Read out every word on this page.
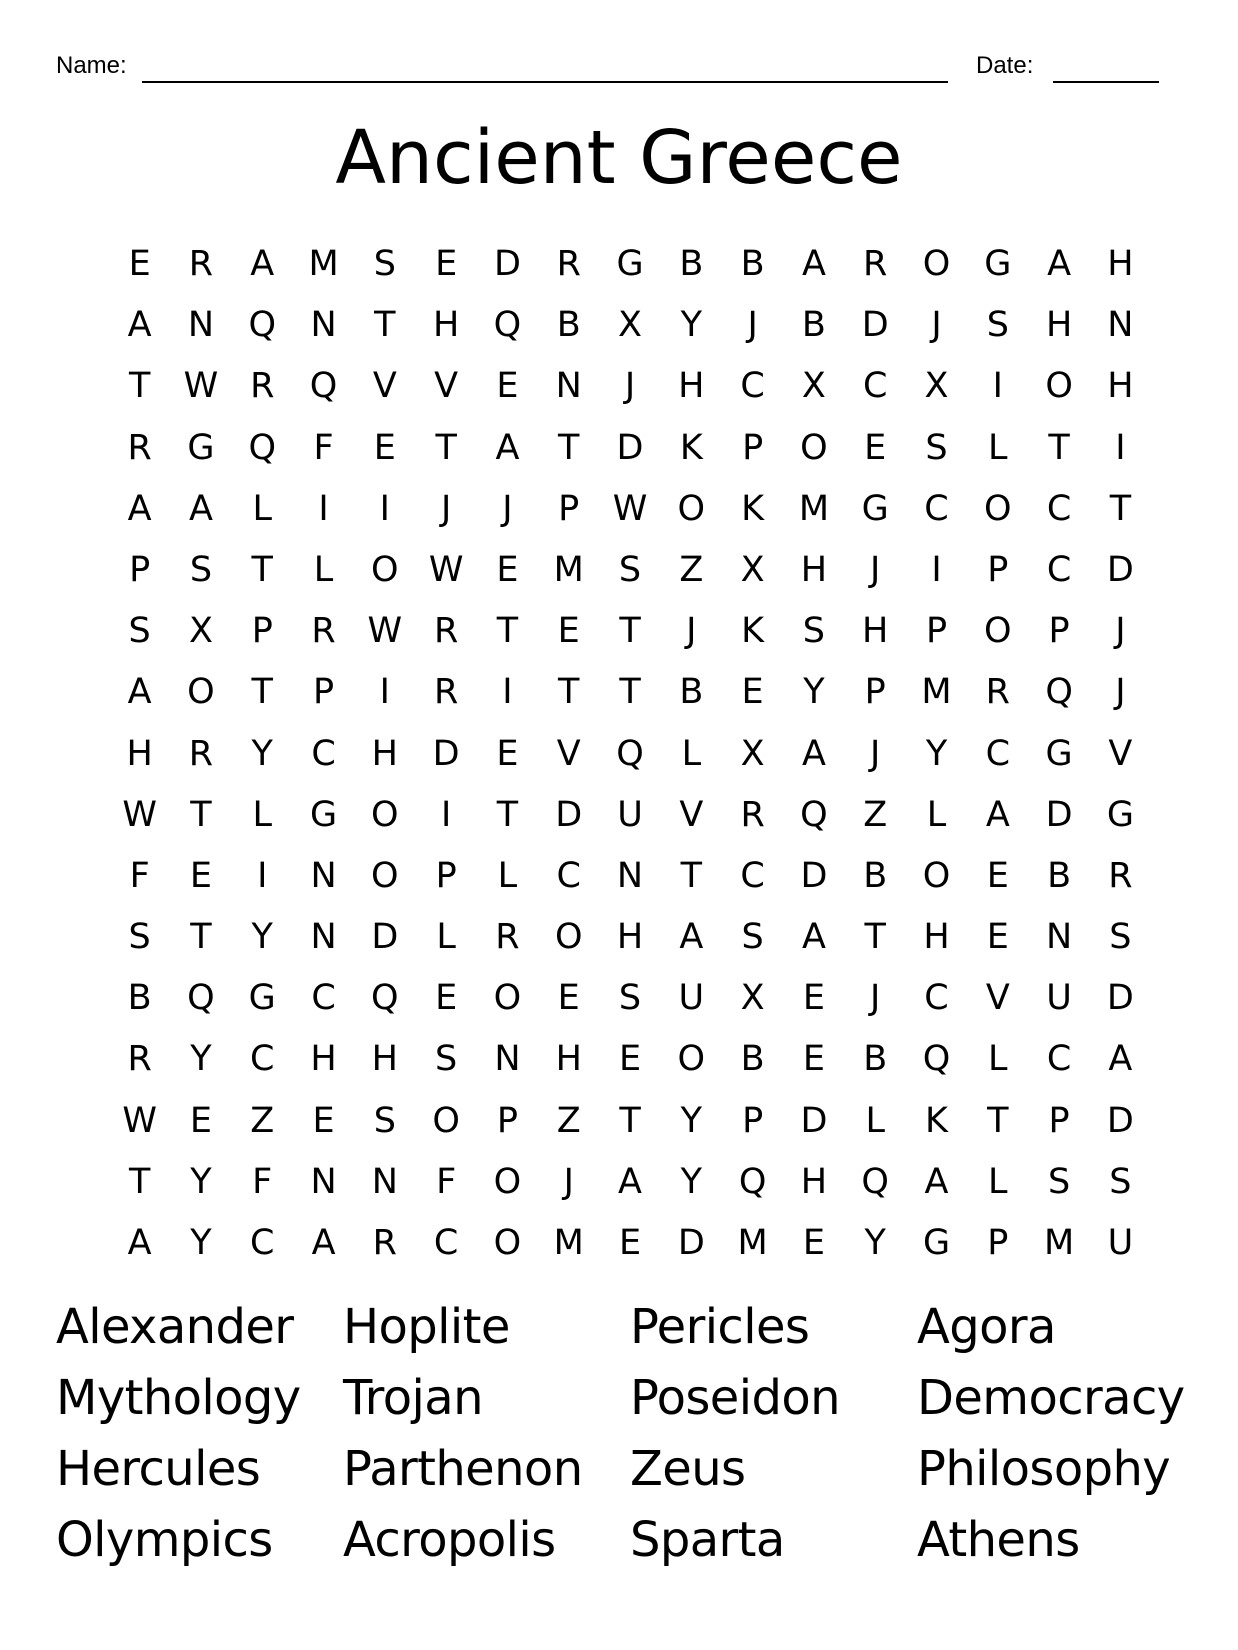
Name:	Date:
Ancient Greece
E	R	A M	S	E	D	R	G	B	B	A	R	O G	A	H
A	N Q N	T	H Q	B	X	Y	J	B	D	J	S	H	N
T W R	Q	V	V	E	N	J	H	C	X	C	X	I	O H
R	G Q	F	E	T	A	T	D	K	P	O	E	S	L	T	I
A	A	L	I	I	J	J	P W O	K M G	C	O	C	T
P	S	T	L	O W E	M	S	Z	X	H	J	I	P	C	D
S	X	P	R W R	T	E	T	J	K	S	H	P	O	P	J
A	O	T	P	I	R	I	T	T	B	E	Y	P	M R	Q	J
H	R	Y	C	H D	E	V	Q	L	X	A	J	Y	C	G	V
W T	L	G O	I	T	D	U	V	R	Q	Z	L	A	D G
F	E	I	N O	P	L	C	N	T	C	D	B	O	E	B	R
S	T	Y	N D	L	R	O H	A	S	A	T	H	E	N	S
B	Q G	C	Q	E	O	E	S	U	X	E	J	C	V	U	D
R	Y	C	H H	S	N	H	E	O	B	E	B	Q	L	C	A
W E	Z	E	S	O	P	Z	T	Y	P	D	L	K	T	P	D
T	Y	F	N	N	F	O	J	A	Y	Q H Q	A	L	S	S
A	Y	C	A	R	C	O M	E	D M	E	Y	G	P	M U
Alexander	Hoplite	Pericles	Agora
Mythology Trojan	Poseidon	Democracy
Hercules	Parthenon Zeus	Philosophy
Olympics	Acropolis	Sparta	Athens
